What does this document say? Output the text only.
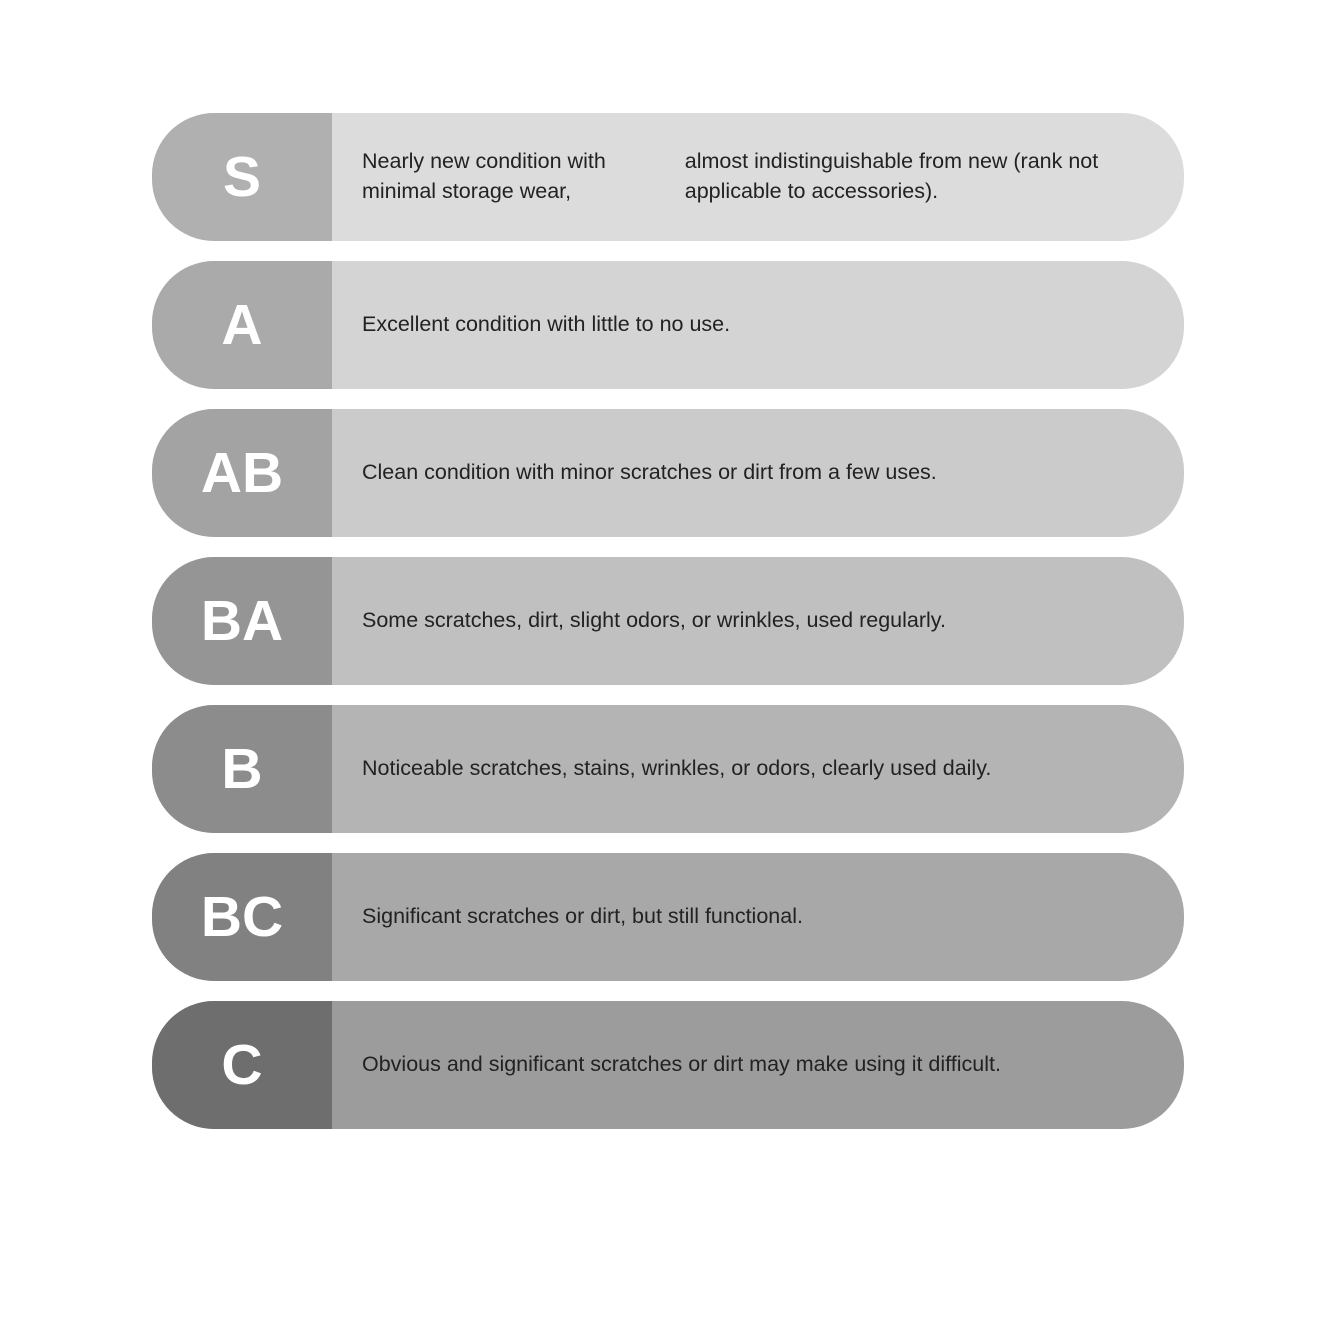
S	Nearly new condition with minimal storage wear,
almost indistinguishable from new (rank not applicable to accessories).
A	Excellent condition with little to no use.
AB	Clean condition with minor scratches or dirt from a few uses.
BA	Some scratches, dirt, slight odors, or wrinkles, used regularly.
B	Noticeable scratches, stains, wrinkles, or odors, clearly used daily.
BC	Significant scratches or dirt, but still functional.
C	Obvious and significant scratches or dirt may make using it difficult.
